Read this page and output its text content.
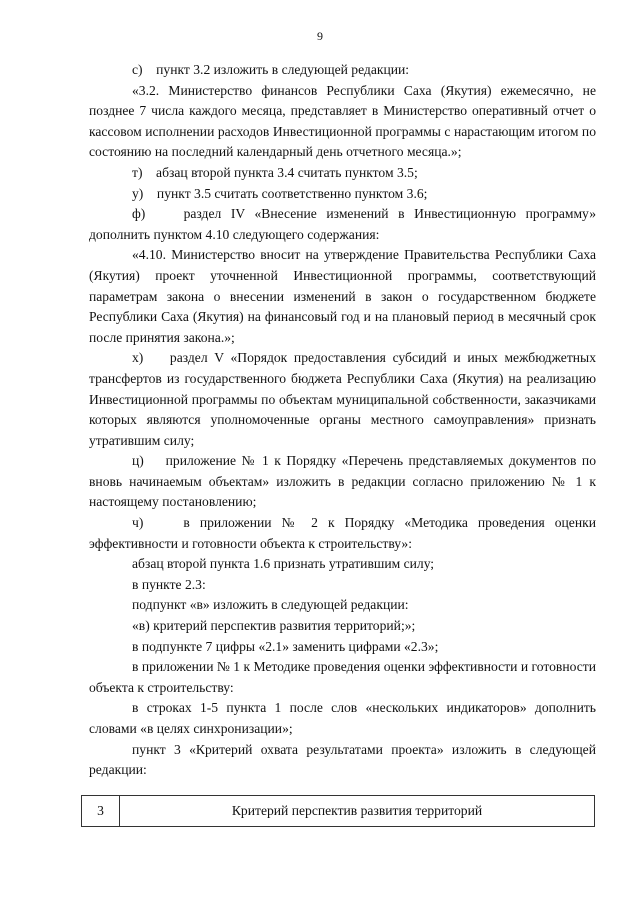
9

с)    пункт 3.2 изложить в следующей редакции:

«3.2. Министерство финансов Республики Саха (Якутия) ежемесячно, не позднее 7 числа каждого месяца, представляет в Министерство оперативный отчет о кассовом исполнении расходов Инвестиционной программы с нарастающим итогом по состоянию на последний календарный день отчетного месяца.»;

т)    абзац второй пункта 3.4 считать пунктом 3.5;

у)    пункт 3.5 считать соответственно пунктом 3.6;

ф)    раздел IV «Внесение изменений в Инвестиционную программу» дополнить пунктом 4.10 следующего содержания:

«4.10. Министерство вносит на утверждение Правительства Республики Саха (Якутия) проект уточненной Инвестиционной программы, соответствующий параметрам закона о внесении изменений в закон о государственном бюджете Республики Саха (Якутия) на финансовый год и на плановый период в месячный срок после принятия закона.»;

х)    раздел V «Порядок предоставления субсидий и иных межбюджетных трансфертов из государственного бюджета Республики Саха (Якутия) на реализацию Инвестиционной программы по объектам муниципальной собственности, заказчиками которых являются уполномоченные органы местного самоуправления» признать утратившим силу;

ц)    приложение № 1 к Порядку «Перечень представляемых документов по вновь начинаемым объектам» изложить в редакции согласно приложению № 1 к настоящему постановлению;

ч)    в приложении № 2 к Порядку «Методика проведения оценки эффективности и готовности объекта к строительству»:

абзац второй пункта 1.6 признать утратившим силу;

в пункте 2.3:

подпункт «в» изложить в следующей редакции:

«в) критерий перспектив развития территорий;»;

в подпункте 7 цифры «2.1» заменить цифрами «2.3»;

в приложении № 1 к Методике проведения оценки эффективности и готовности объекта к строительству:

в строках 1-5 пункта 1 после слов «нескольких индикаторов» дополнить словами «в целях синхронизации»;

пункт 3 «Критерий охвата результатами проекта» изложить в следующей редакции:

3	Критерий перспектив развития территорий
